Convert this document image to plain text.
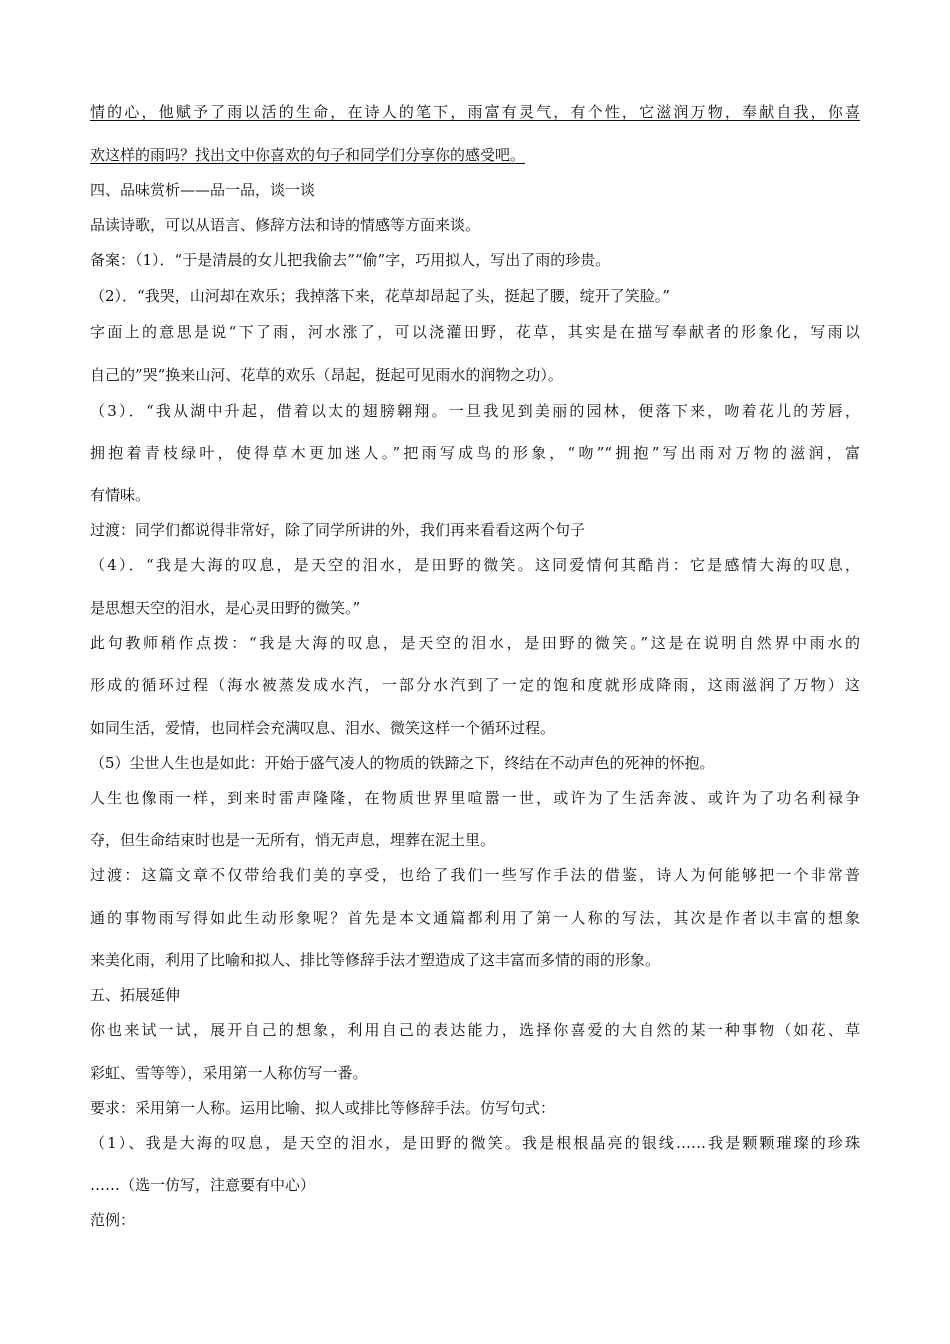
情的心，他赋予了雨以活的生命，在诗人的笔下，雨富有灵气，有个性，它滋润万物，奉献自我，你喜
欢这样的雨吗？找出文中你喜欢的句子和同学们分享你的感受吧。
四、品味赏析——品一品，谈一谈
品读诗歌，可以从语言、修辞方法和诗的情感等方面来谈。
备案：（1）．“于是清晨的女儿把我偷去”“偷”字，巧用拟人，写出了雨的珍贵。
（2）．“我哭，山河却在欢乐；我掉落下来，花草却昂起了头，挺起了腰，绽开了笑脸。”
字面上的意思是说“下了雨，河水涨了，可以浇灌田野，花草，其实是在描写奉献者的形象化，写雨以
自己的”哭“换来山河、花草的欢乐（昂起，挺起可见雨水的润物之功）。
（3）．“我从湖中升起，借着以太的翅膀翱翔。一旦我见到美丽的园林，便落下来，吻着花儿的芳唇，
拥抱着青枝绿叶，使得草木更加迷人。”把雨写成鸟的形象，“吻”“拥抱”写出雨对万物的滋润，富
有情味。
过渡：同学们都说得非常好，除了同学所讲的外，我们再来看看这两个句子
（4）．“我是大海的叹息，是天空的泪水，是田野的微笑。这同爱情何其酷肖：它是感情大海的叹息，
是思想天空的泪水，是心灵田野的微笑。”
此句教师稍作点拨：“我是大海的叹息，是天空的泪水，是田野的微笑。”这是在说明自然界中雨水的
形成的循环过程（海水被蒸发成水汽，一部分水汽到了一定的饱和度就形成降雨，这雨滋润了万物）这
如同生活，爱情，也同样会充满叹息、泪水、微笑这样一个循环过程。
（5）尘世人生也是如此：开始于盛气凌人的物质的铁蹄之下，终结在不动声色的死神的怀抱。
人生也像雨一样，到来时雷声隆隆，在物质世界里喧嚣一世，或许为了生活奔波、或许为了功名利禄争
夺，但生命结束时也是一无所有，悄无声息，埋葬在泥土里。
过渡：这篇文章不仅带给我们美的享受，也给了我们一些写作手法的借鉴，诗人为何能够把一个非常普
通的事物雨写得如此生动形象呢？首先是本文通篇都利用了第一人称的写法，其次是作者以丰富的想象
来美化雨，利用了比喻和拟人、排比等修辞手法才塑造成了这丰富而多情的雨的形象。
五、拓展延伸
你也来试一试，展开自己的想象，利用自己的表达能力，选择你喜爱的大自然的某一种事物（如花、草
彩虹、雪等等），采用第一人称仿写一番。
要求：采用第一人称。运用比喻、拟人或排比等修辞手法。仿写句式：
（1）、我是大海的叹息，是天空的泪水，是田野的微笑。我是根根晶亮的银线……我是颗颗璀璨的珍珠
……（选一仿写，注意要有中心）
范例：
